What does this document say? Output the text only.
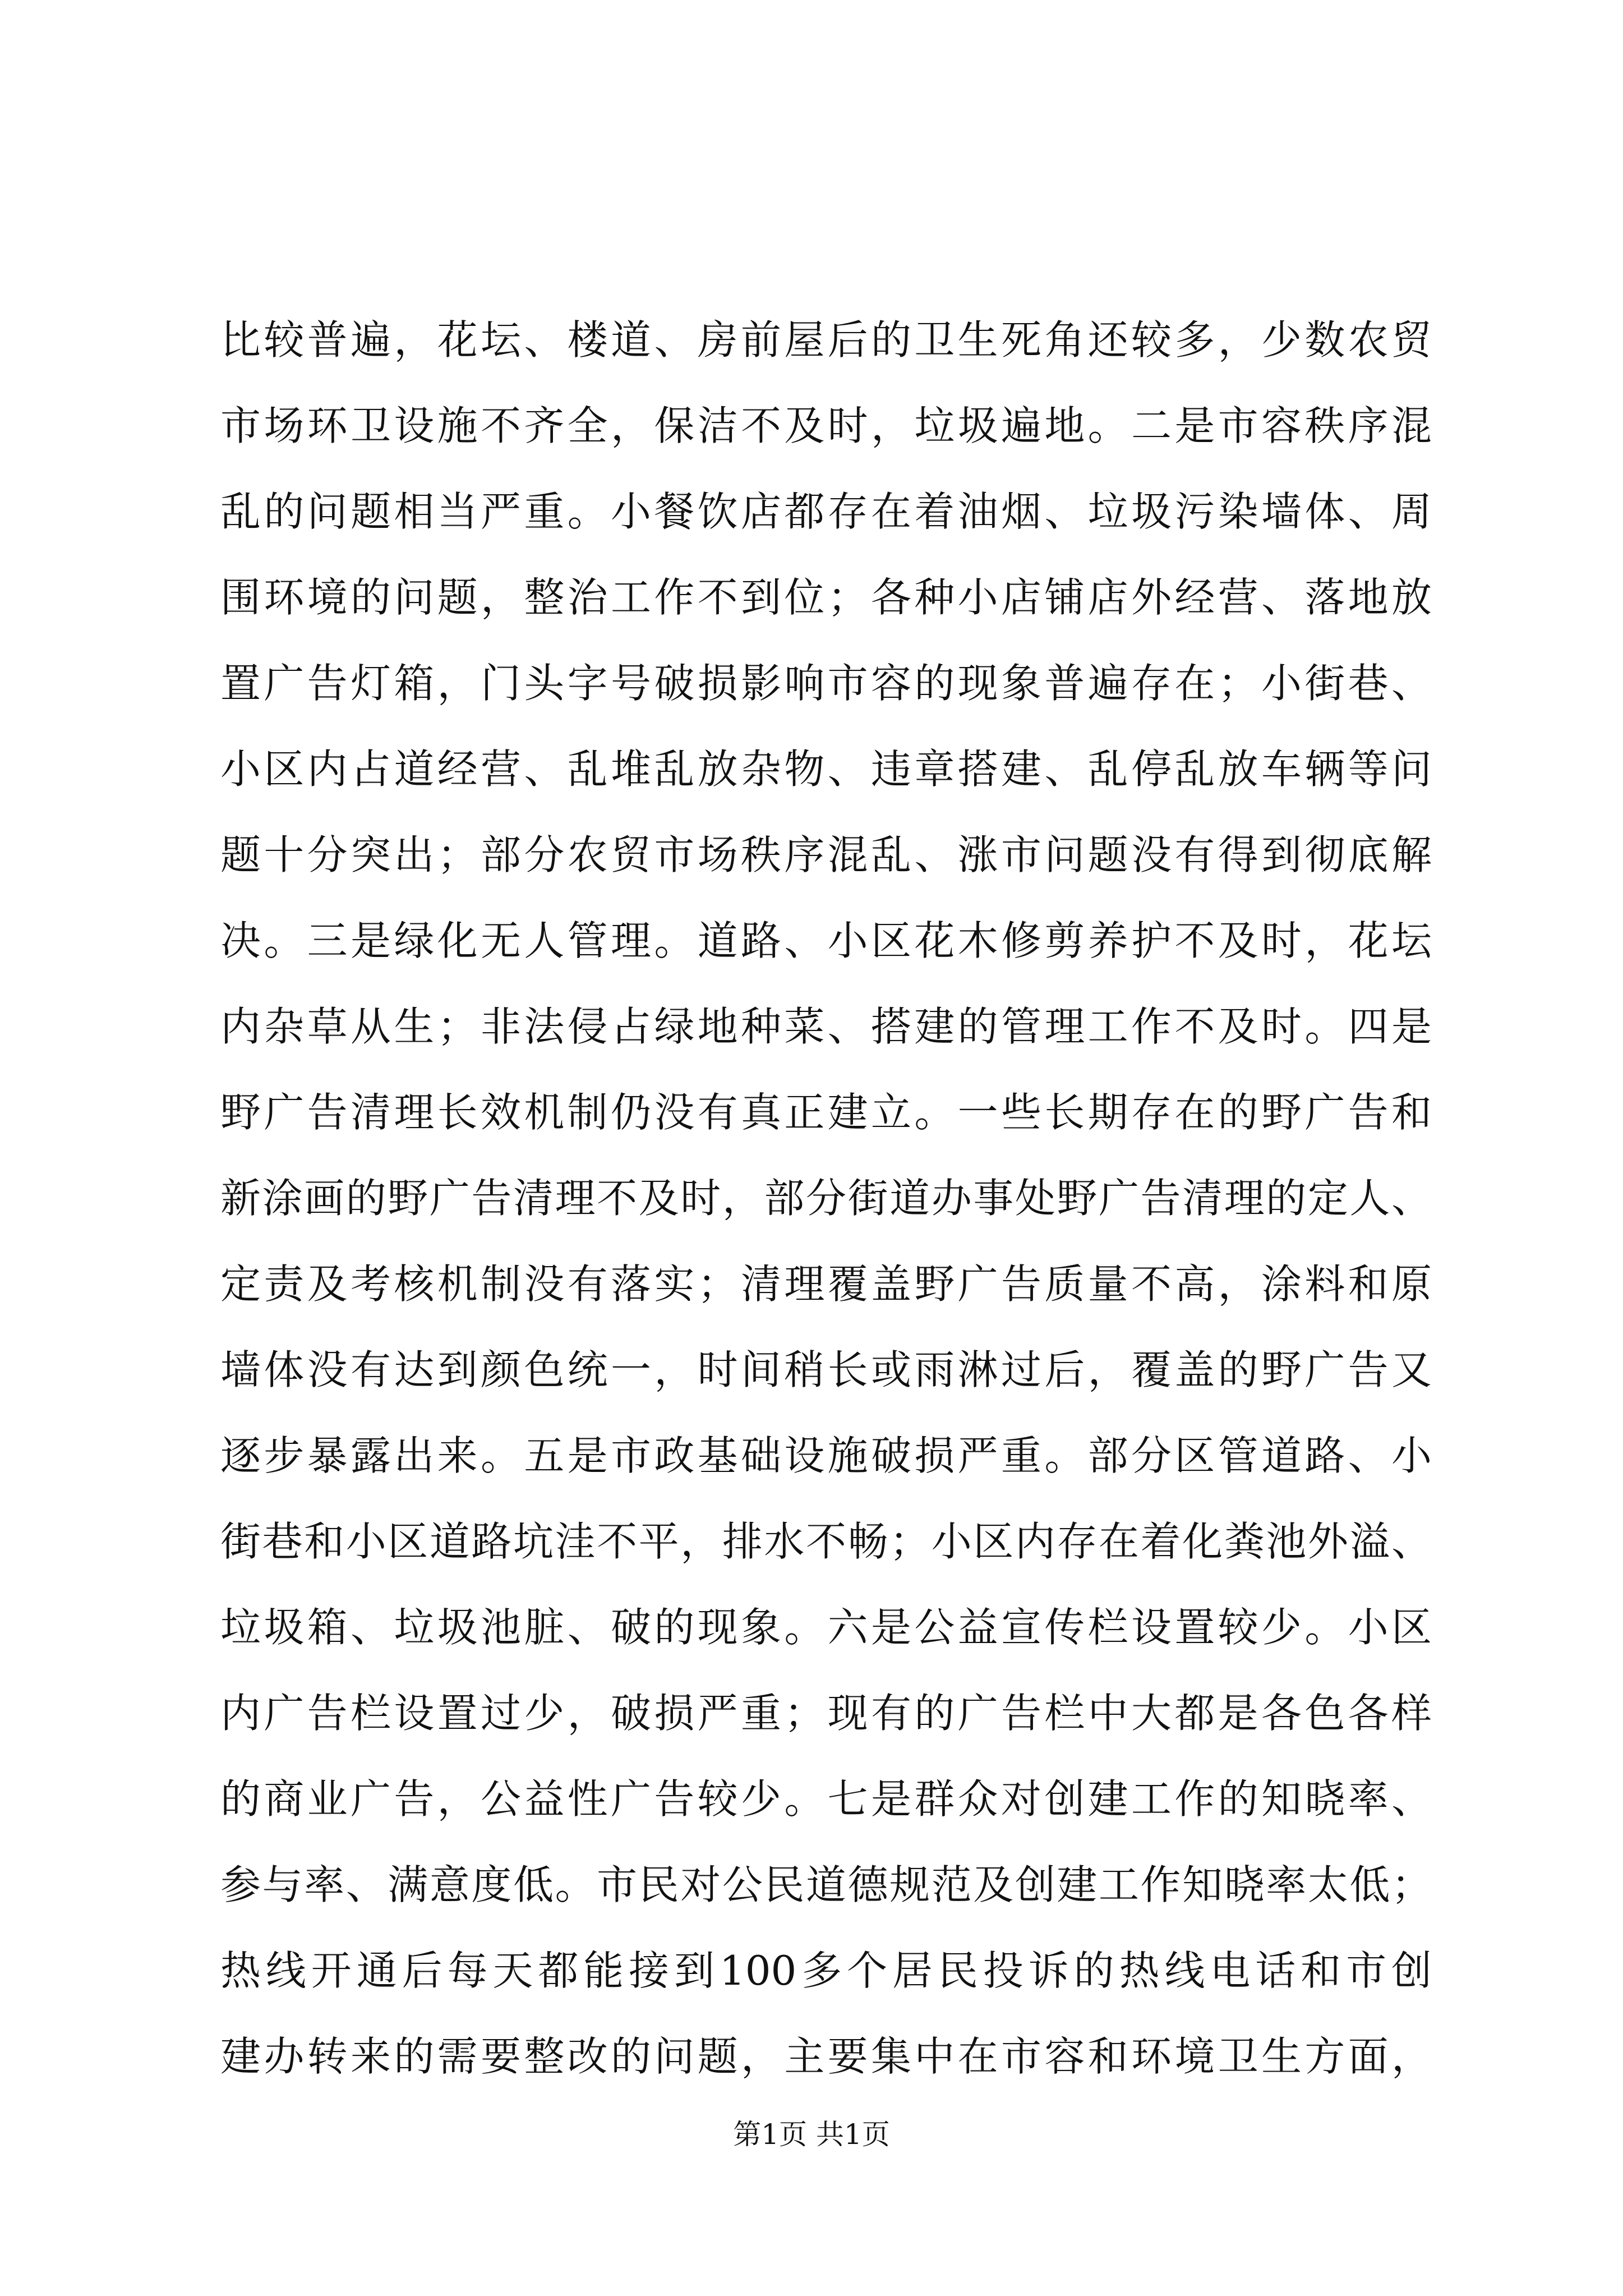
比较普遍，花坛、楼道、房前屋后的卫生死角还较多，少数农贸
市场环卫设施不齐全，保洁不及时，垃圾遍地。二是市容秩序混
乱的问题相当严重。小餐饮店都存在着油烟、垃圾污染墙体、周
围环境的问题，整治工作不到位；各种小店铺店外经营、落地放
置广告灯箱，门头字号破损影响市容的现象普遍存在；小街巷、
小区内占道经营、乱堆乱放杂物、违章搭建、乱停乱放车辆等问
题十分突出；部分农贸市场秩序混乱、涨市问题没有得到彻底解
决。三是绿化无人管理。道路、小区花木修剪养护不及时，花坛
内杂草从生；非法侵占绿地种菜、搭建的管理工作不及时。四是
野广告清理长效机制仍没有真正建立。一些长期存在的野广告和
新涂画的野广告清理不及时，部分街道办事处野广告清理的定人、
定责及考核机制没有落实；清理覆盖野广告质量不高，涂料和原
墙体没有达到颜色统一，时间稍长或雨淋过后，覆盖的野广告又
逐步暴露出来。五是市政基础设施破损严重。部分区管道路、小
街巷和小区道路坑洼不平，排水不畅；小区内存在着化粪池外溢、
垃圾箱、垃圾池脏、破的现象。六是公益宣传栏设置较少。小区
内广告栏设置过少，破损严重；现有的广告栏中大都是各色各样
的商业广告，公益性广告较少。七是群众对创建工作的知晓率、
参与率、满意度低。市民对公民道德规范及创建工作知晓率太低；
热线开通后每天都能接到100多个居民投诉的热线电话和市创
建办转来的需要整改的问题，主要集中在市容和环境卫生方面，
第1页 共1页
